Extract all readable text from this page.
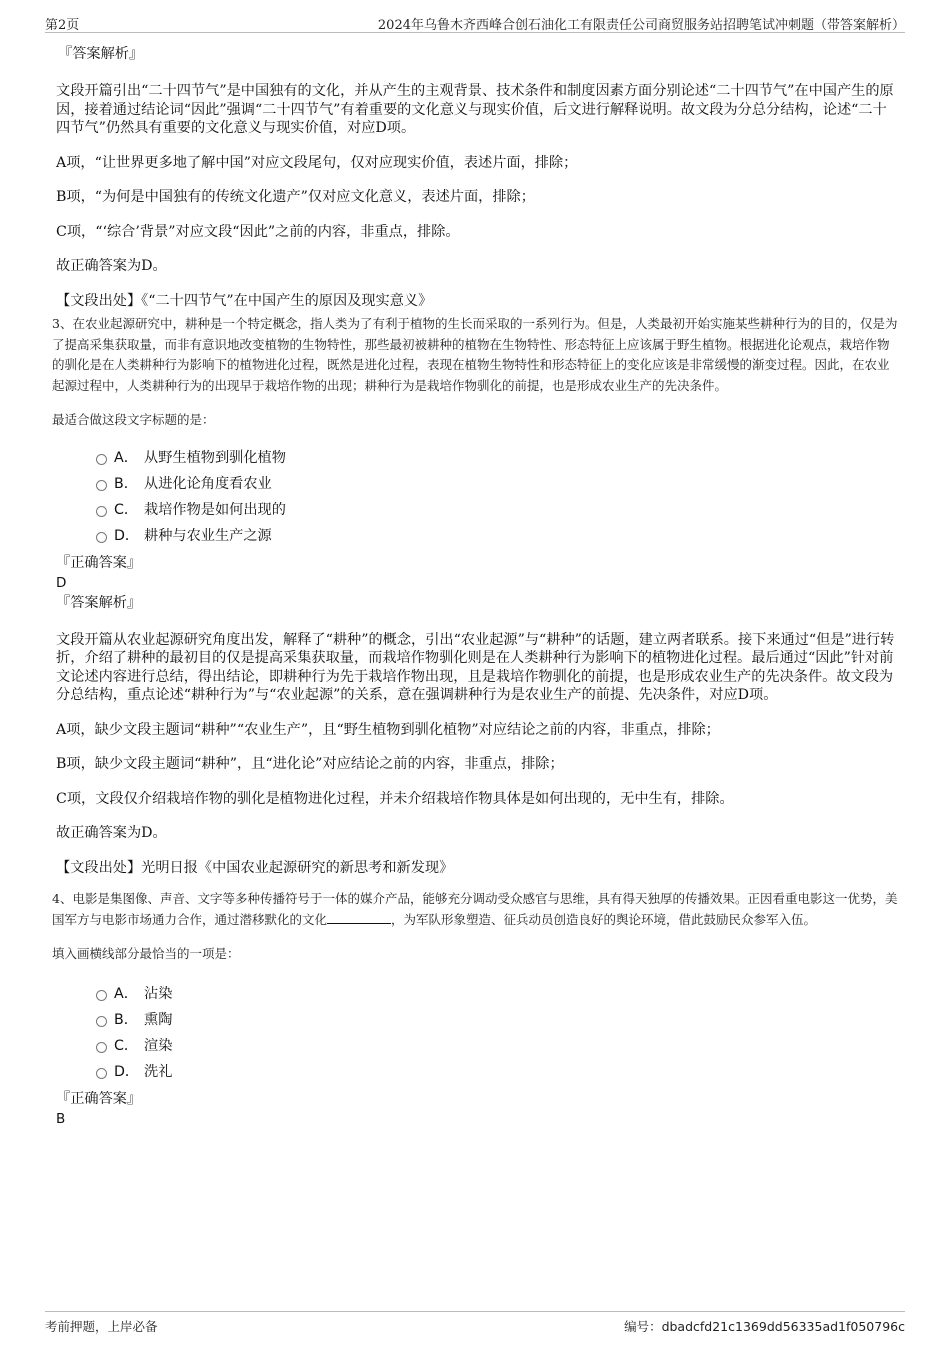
第2页	2024年乌鲁木齐西峰合创石油化工有限责任公司商贸服务站招聘笔试冲刺题（带答案解析）

『答案解析』

文段开篇引出“二十四节气”是中国独有的文化，并从产生的主观背景、技术条件和制度因素方面分别论述“二十四节气”在中国产生的原因，接着通过结论词“因此”强调“二十四节气”有着重要的文化意义与现实价值，后文进行解释说明。故文段为分总分结构，论述“二十四节气”仍然具有重要的文化意义与现实价值，对应D项。

A项，“让世界更多地了解中国”对应文段尾句，仅对应现实价值，表述片面，排除；

B项，“为何是中国独有的传统文化遗产”仅对应文化意义，表述片面，排除；

C项，“‘综合’背景”对应文段“因此”之前的内容，非重点，排除。

故正确答案为D。

【文段出处】《“二十四节气”在中国产生的原因及现实意义》

3、在农业起源研究中，耕种是一个特定概念，指人类为了有利于植物的生长而采取的一系列行为。但是，人类最初开始实施某些耕种行为的目的，仅是为了提高采集获取量，而非有意识地改变植物的生物特性，那些最初被耕种的植物在生物特性、形态特征上应该属于野生植物。根据进化论观点，栽培作物的驯化是在人类耕种行为影响下的植物进化过程，既然是进化过程，表现在植物生物特性和形态特征上的变化应该是非常缓慢的渐变过程。因此，在农业起源过程中，人类耕种行为的出现早于栽培作物的出现；耕种行为是栽培作物驯化的前提，也是形成农业生产的先决条件。

最适合做这段文字标题的是：

A． 从野生植物到驯化植物
B． 从进化论角度看农业
C． 栽培作物是如何出现的
D． 耕种与农业生产之源

『正确答案』

D

『答案解析』

文段开篇从农业起源研究角度出发，解释了“耕种”的概念，引出“农业起源”与“耕种”的话题，建立两者联系。接下来通过“但是”进行转折，介绍了耕种的最初目的仅是提高采集获取量，而栽培作物驯化则是在人类耕种行为影响下的植物进化过程。最后通过“因此”针对前文论述内容进行总结，得出结论，即耕种行为先于栽培作物出现，且是栽培作物驯化的前提，也是形成农业生产的先决条件。故文段为分总结构，重点论述“耕种行为”与“农业起源”的关系，意在强调耕种行为是农业生产的前提、先决条件，对应D项。

A项，缺少文段主题词“耕种”“农业生产”，且“野生植物到驯化植物”对应结论之前的内容，非重点，排除；

B项，缺少文段主题词“耕种”，且“进化论”对应结论之前的内容，非重点，排除；

C项，文段仅介绍栽培作物的驯化是植物进化过程，并未介绍栽培作物具体是如何出现的，无中生有，排除。

故正确答案为D。

【文段出处】光明日报《中国农业起源研究的新思考和新发现》

4、电影是集图像、声音、文字等多种传播符号于一体的媒介产品，能够充分调动受众感官与思维，具有得天独厚的传播效果。正因看重电影这一优势，美国军方与电影市场通力合作，通过潜移默化的文化	，为军队形象塑造、征兵动员创造良好的舆论环境，借此鼓励民众参军入伍。

填入画横线部分最恰当的一项是：

A． 沾染
B． 熏陶
C． 渲染
D． 洗礼

『正确答案』

B

考前押题，上岸必备	编号：dbadcfd21c1369dd56335ad1f050796c
